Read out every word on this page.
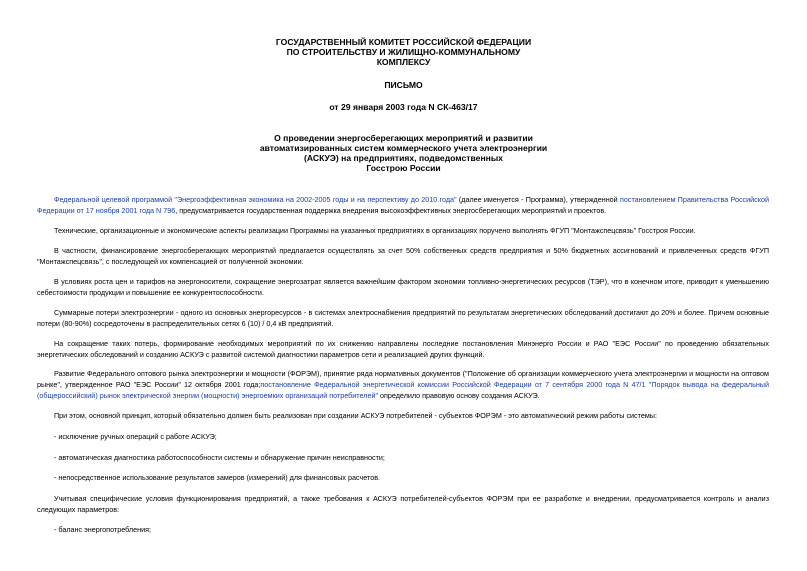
ГОСУДАРСТВЕННЫЙ КОМИТЕТ РОССИЙСКОЙ ФЕДЕРАЦИИ
ПО СТРОИТЕЛЬСТВУ И ЖИЛИЩНО-КОММУНАЛЬНОМУ
КОМПЛЕКСУ
ПИСЬМО
от 29 января 2003 года N СК-463/17
О проведении энергосберегающих мероприятий и развитии
автоматизированных систем коммерческого учета электроэнергии
(АСКУЭ) на предприятиях, подведомственных
Госстрою России
Федеральной целевой программой "Энергоэффективная экономика на 2002-2005 годы и на перспективу до 2010 года" (далее именуется - Программа), утвержденной постановлением Правительства Российской Федерации от 17 ноября 2001 года N 796, предусматривается государственная поддержка внедрения высокоэффективных энергосберегающих мероприятий и проектов.
Технические, организационные и экономические аспекты реализации Программы на указанных предприятиях в организациях поручено выполнять ФГУП "Монтажспецсвязь" Госстроя России.
В частности, финансирование энергосберегающих мероприятий предлагается осуществлять за счет 50% собственных средств предприятия и 50% бюджетных ассигнований и привлеченных средств ФГУП "Монтажспецсвязь", с последующей их компенсацией от полученной экономии.
В условиях роста цен и тарифов на энергоносители, сокращение энергозатрат является важнейшим фактором экономии топливно-энергетических ресурсов (ТЭР), что в конечном итоге, приводит к уменьшению себестоимости продукции и повышение ее конкурентоспособности.
Суммарные потери электроэнергии - одного из основных энергоресурсов - в системах электроснабжения предприятий по результатам энергетических обследований достигают до 20% и более. Причем основные потери (80-90%) сосредоточены в распределительных сетях 6 (10) / 0,4 кВ предприятий.
На сокращение таких потерь, формирование необходимых мероприятий по их снижению направлены последние постановления Минэнерго России и РАО "ЕЭС России" по проведению обязательных энергетических обследований и созданию АСКУЭ с развитой системой диагностики параметров сети и реализацией других функций.
Развитие Федерального оптового рынка электроэнергии и мощности (ФОРЭМ), принятие ряда нормативных документов ("Положение об организации коммерческого учета электроэнергии и мощности на оптовом рынке", утвержденное РАО "ЕЭС России" 12 октября 2001 года;постановление Федеральной энергетической комиссии Российской Федерации от 7 сентября 2000 года N 47/1 "Порядок вывода на федеральный (общероссийский) рынок электрической энергии (мощности) энергоемких организаций потребителей" определило правовую основу создания АСКУЭ.
При этом, основной принцип, который обязательно должен быть реализован при создании АСКУЭ потребителей - субъектов ФОРЭМ - это автоматический режим работы системы:
- исключение ручных операций с работе АСКУЭ;
- автоматическая диагностика работоспособности системы и обнаружение причин неисправности;
- непосредственное использование результатов замеров (измерений) для финансовых расчетов.
Учитывая специфические условия функционирования предприятий, а также требования к АСКУЭ потребителей-субъектов ФОРЭМ при ее разработке и внедрении, предусматривается контроль и анализ следующих параметров:
- баланс энергопотребления;
